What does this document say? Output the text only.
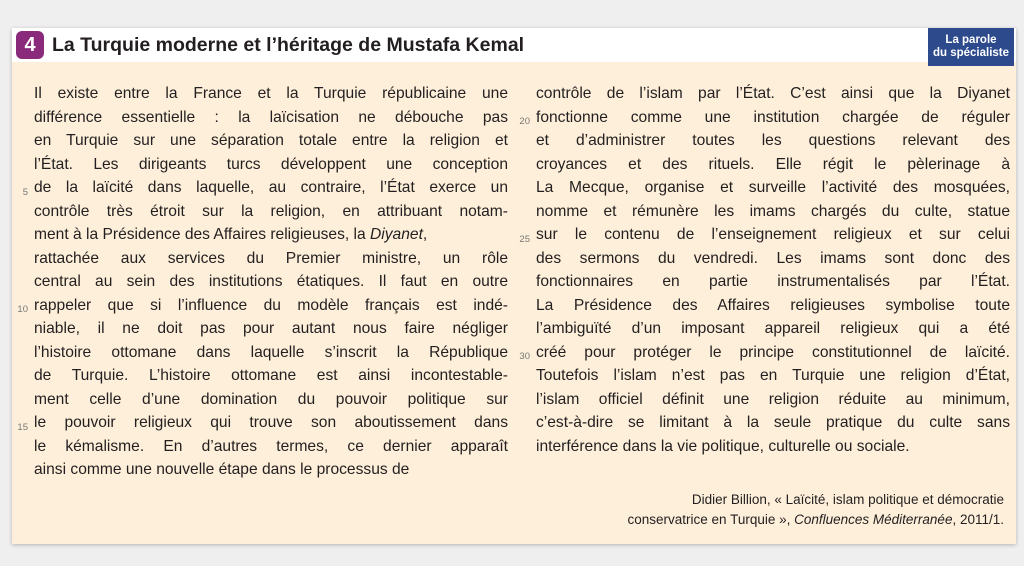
4 La Turquie moderne et l’héritage de Mustafa Kemal	La parole
du spécialiste
Il existe entre la France et la Turquie républicaine une
différence essentielle : la laïcisation ne débouche pas
en Turquie sur une séparation totale entre la religion et
l’État. Les dirigeants turcs développent une conception
de la laïcité dans laquelle, au contraire, l’État exerce un
contrôle très étroit sur la religion, en attribuant notam-
ment à la Présidence des Affaires religieuses, la Diyanet,
rattachée aux services du Premier ministre, un rôle
central au sein des institutions étatiques. Il faut en outre
rappeler que si l’influence du modèle français est indé-
niable, il ne doit pas pour autant nous faire négliger
l’histoire ottomane dans laquelle s’inscrit la République
de Turquie. L’histoire ottomane est ainsi incontestable-
ment celle d’une domination du pouvoir politique sur
le pouvoir religieux qui trouve son aboutissement dans
le kémalisme. En d’autres termes, ce dernier apparaît
ainsi comme une nouvelle étape dans le processus de
contrôle de l’islam par l’État. C’est ainsi que la Diyanet
fonctionne comme une institution chargée de réguler
et d’administrer toutes les questions relevant des
croyances et des rituels. Elle régit le pèlerinage à
La Mecque, organise et surveille l’activité des mosquées,
nomme et rémunère les imams chargés du culte, statue
sur le contenu de l’enseignement religieux et sur celui
des sermons du vendredi. Les imams sont donc des
fonctionnaires en partie instrumentalisés par l’État.
La Présidence des Affaires religieuses symbolise toute
l’ambiguïté d’un imposant appareil religieux qui a été
créé pour protéger le principe constitutionnel de laïcité.
Toutefois l’islam n’est pas en Turquie une religion d’État,
l’islam officiel définit une religion réduite au minimum,
c’est-à-dire se limitant à la seule pratique du culte sans
interférence dans la vie politique, culturelle ou sociale.
5
10
15
20
25
30
Didier Billion, « Laïcité, islam politique et démocratie
conservatrice en Turquie », Confluences Méditerranée, 2011/1.
